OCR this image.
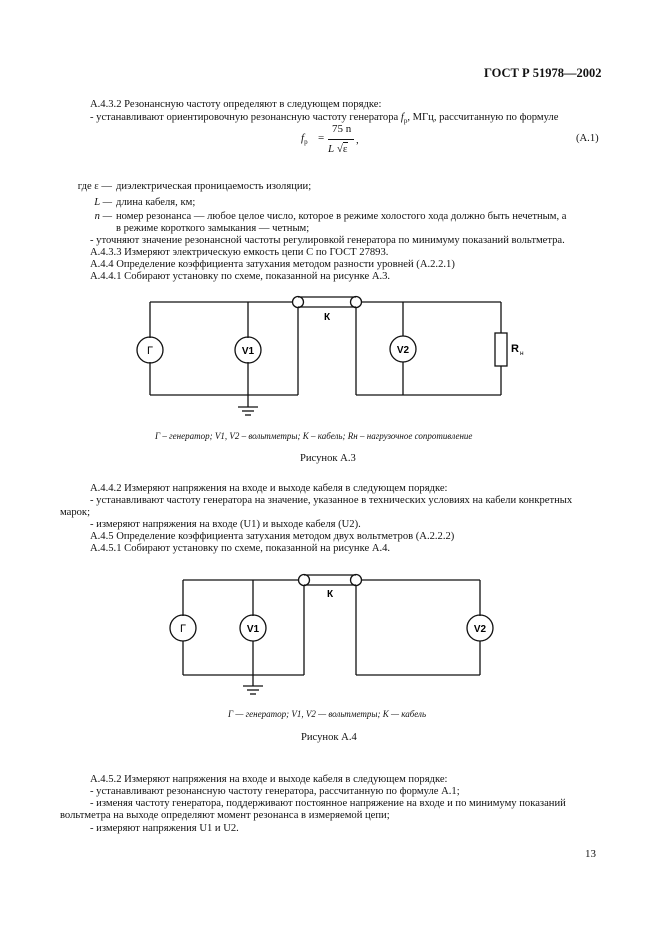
ГОСТ Р 51978—2002
А.4.3.2 Резонансную частоту определяют в следующем порядке:
- устанавливают ориентировочную резонансную частоту генератора $f_р$, МГц, рассчитанную по формуле
$f_р$ =
75 n
L √ε
,	(А.1)
где ε — диэлектрическая проницаемость изоляции;
L — длина кабеля, км;
n — номер резонанса — любое целое число, которое в режиме холостого хода должно быть нечетным, а
в режиме короткого замыкания — четным;
- уточняют значение резонансной частоты регулировкой генератора по минимуму показаний вольтметра.
А.4.3.3 Измеряют электрическую емкость цепи C по ГОСТ 27893.
А.4.4 Определение коэффициента затухания методом разности уровней (А.2.2.1)
А.4.4.1 Собирают установку по схеме, показанной на рисунке А.3.
Г	V1	V2
К
R н
Г	V1	V2
К
Г – генератор; V1, V2 – вольтметры; К – кабель; Rн – нагрузочное сопротивление
Рисунок А.3
А.4.4.2 Измеряют напряжения на входе и выходе кабеля в следующем порядке:
- устанавливают частоту генератора на значение, указанное в технических условиях на кабели конкретных
марок;
- измеряют напряжения на входе (U1) и выходе кабеля (U2).
А.4.5 Определение коэффициента затухания методом двух вольтметров (А.2.2.2)
А.4.5.1 Собирают установку по схеме, показанной на рисунке А.4.
Г — генератор; V1, V2 — вольтметры; К — кабель
Рисунок А.4
А.4.5.2 Измеряют напряжения на входе и выходе кабеля в следующем порядке:
- устанавливают резонансную частоту генератора, рассчитанную по формуле А.1;
- изменяя частоту генератора, поддерживают постоянное напряжение на входе и по минимуму показаний
вольтметра на выходе определяют момент резонанса в измеряемой цепи;
- измеряют напряжения U1 и U2.
13
